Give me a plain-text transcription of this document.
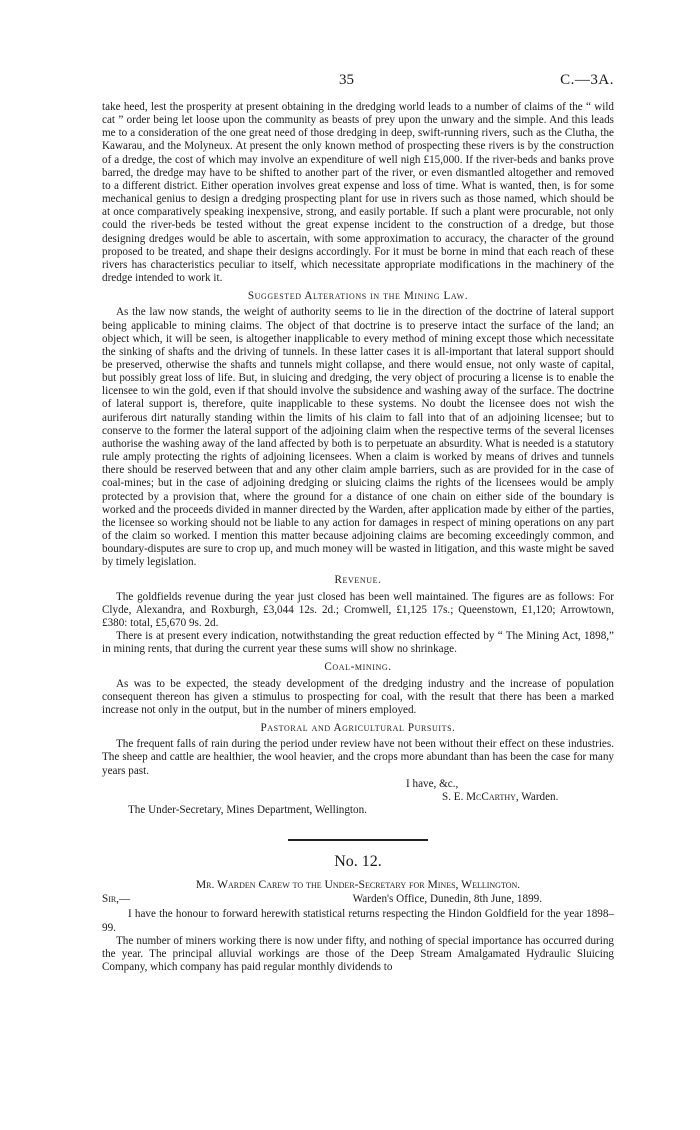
35	C.—3A.

take heed, lest the prosperity at present obtaining in the dredging world leads to a number of claims of the “ wild cat ” order being let loose upon the community as beasts of prey upon the unwary and the simple. And this leads me to a consideration of the one great need of those dredging in deep, swift-running rivers, such as the Clutha, the Kawarau, and the Molyneux. At present the only known method of prospecting these rivers is by the construction of a dredge, the cost of which may involve an expenditure of well nigh £15,000. If the river-beds and banks prove barred, the dredge may have to be shifted to another part of the river, or even dismantled altogether and removed to a different district. Either operation involves great expense and loss of time. What is wanted, then, is for some mechanical genius to design a dredging prospecting plant for use in rivers such as those named, which should be at once comparatively speaking inexpensive, strong, and easily portable. If such a plant were procurable, not only could the river-beds be tested without the great expense incident to the construction of a dredge, but those designing dredges would be able to ascertain, with some approximation to accuracy, the character of the ground proposed to be treated, and shape their designs accordingly. For it must be borne in mind that each reach of these rivers has characteristics peculiar to itself, which necessitate appropriate modifications in the machinery of the dredge intended to work it.

Suggested Alterations in the Mining Law.

As the law now stands, the weight of authority seems to lie in the direction of the doctrine of lateral support being applicable to mining claims. The object of that doctrine is to preserve intact the surface of the land; an object which, it will be seen, is altogether inapplicable to every method of mining except those which necessitate the sinking of shafts and the driving of tunnels. In these latter cases it is all-important that lateral support should be preserved, otherwise the shafts and tunnels might collapse, and there would ensue, not only waste of capital, but possibly great loss of life. But, in sluicing and dredging, the very object of procuring a license is to enable the licensee to win the gold, even if that should involve the subsidence and washing away of the surface. The doctrine of lateral support is, therefore, quite inapplicable to these systems. No doubt the licensee does not wish the auriferous dirt naturally standing within the limits of his claim to fall into that of an adjoining licensee; but to conserve to the former the lateral support of the adjoining claim when the respective terms of the several licenses authorise the washing away of the land affected by both is to perpetuate an absurdity. What is needed is a statutory rule amply protecting the rights of adjoining licensees. When a claim is worked by means of drives and tunnels there should be reserved between that and any other claim ample barriers, such as are provided for in the case of coal-mines; but in the case of adjoining dredging or sluicing claims the rights of the licensees would be amply protected by a provision that, where the ground for a distance of one chain on either side of the boundary is worked and the proceeds divided in manner directed by the Warden, after application made by either of the parties, the licensee so working should not be liable to any action for damages in respect of mining operations on any part of the claim so worked. I mention this matter because adjoining claims are becoming exceedingly common, and boundary-disputes are sure to crop up, and much money will be wasted in litigation, and this waste might be saved by timely legislation.

Revenue.

The goldfields revenue during the year just closed has been well maintained. The figures are as follows: For Clyde, Alexandra, and Roxburgh, £3,044 12s. 2d.; Cromwell, £1,125 17s.; Queenstown, £1,120; Arrowtown, £380: total, £5,670 9s. 2d.

There is at present every indication, notwithstanding the great reduction effected by “ The Mining Act, 1898,” in mining rents, that during the current year these sums will show no shrinkage.

Coal-mining.

As was to be expected, the steady development of the dredging industry and the increase of population consequent thereon has given a stimulus to prospecting for coal, with the result that there has been a marked increase not only in the output, but in the number of miners employed.

Pastoral and Agricultural Pursuits.

The frequent falls of rain during the period under review have not been without their effect on these industries. The sheep and cattle are healthier, the wool heavier, and the crops more abundant than has been the case for many years past.

I have, &c.,
S. E. McCarthy, Warden.

The Under-Secretary, Mines Department, Wellington.

No. 12.
Mr. Warden Carew to the Under-Secretary for Mines, Wellington.
Sir,—	Warden's Office, Dunedin, 8th June, 1899.

I have the honour to forward herewith statistical returns respecting the Hindon Goldfield for the year 1898–99.

The number of miners working there is now under fifty, and nothing of special importance has occurred during the year. The principal alluvial workings are those of the Deep Stream Amalgamated Hydraulic Sluicing Company, which company has paid regular monthly dividends to
